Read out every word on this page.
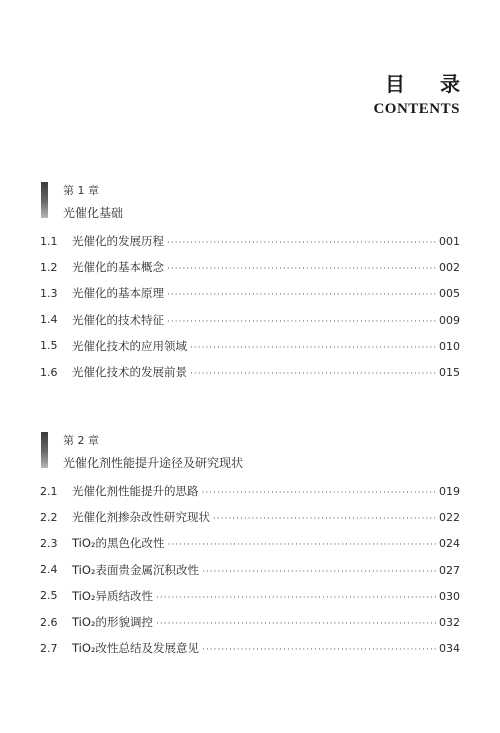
目 录
CONTENTS
第 1 章
光催化基础
1.1	光催化的发展历程 ·····	001
1.2	光催化的基本概念 ·····	002
1.3	光催化的基本原理 ·····	005
1.4	光催化的技术特征 ·····	009
1.5	光催化技术的应用领域 ·····	010
1.6	光催化技术的发展前景 ·····	015
第 2 章
光催化剂性能提升途径及研究现状
2.1	光催化剂性能提升的思路 ·····	019
2.2	光催化剂掺杂改性研究现状 ·····	022
2.3	TiO₂的黑色化改性 ·····	024
2.4	TiO₂表面贵金属沉积改性 ·····	027
2.5	TiO₂异质结改性 ·····	030
2.6	TiO₂的形貌调控 ·····	032
2.7	TiO₂改性总结及发展意见 ·····	034
